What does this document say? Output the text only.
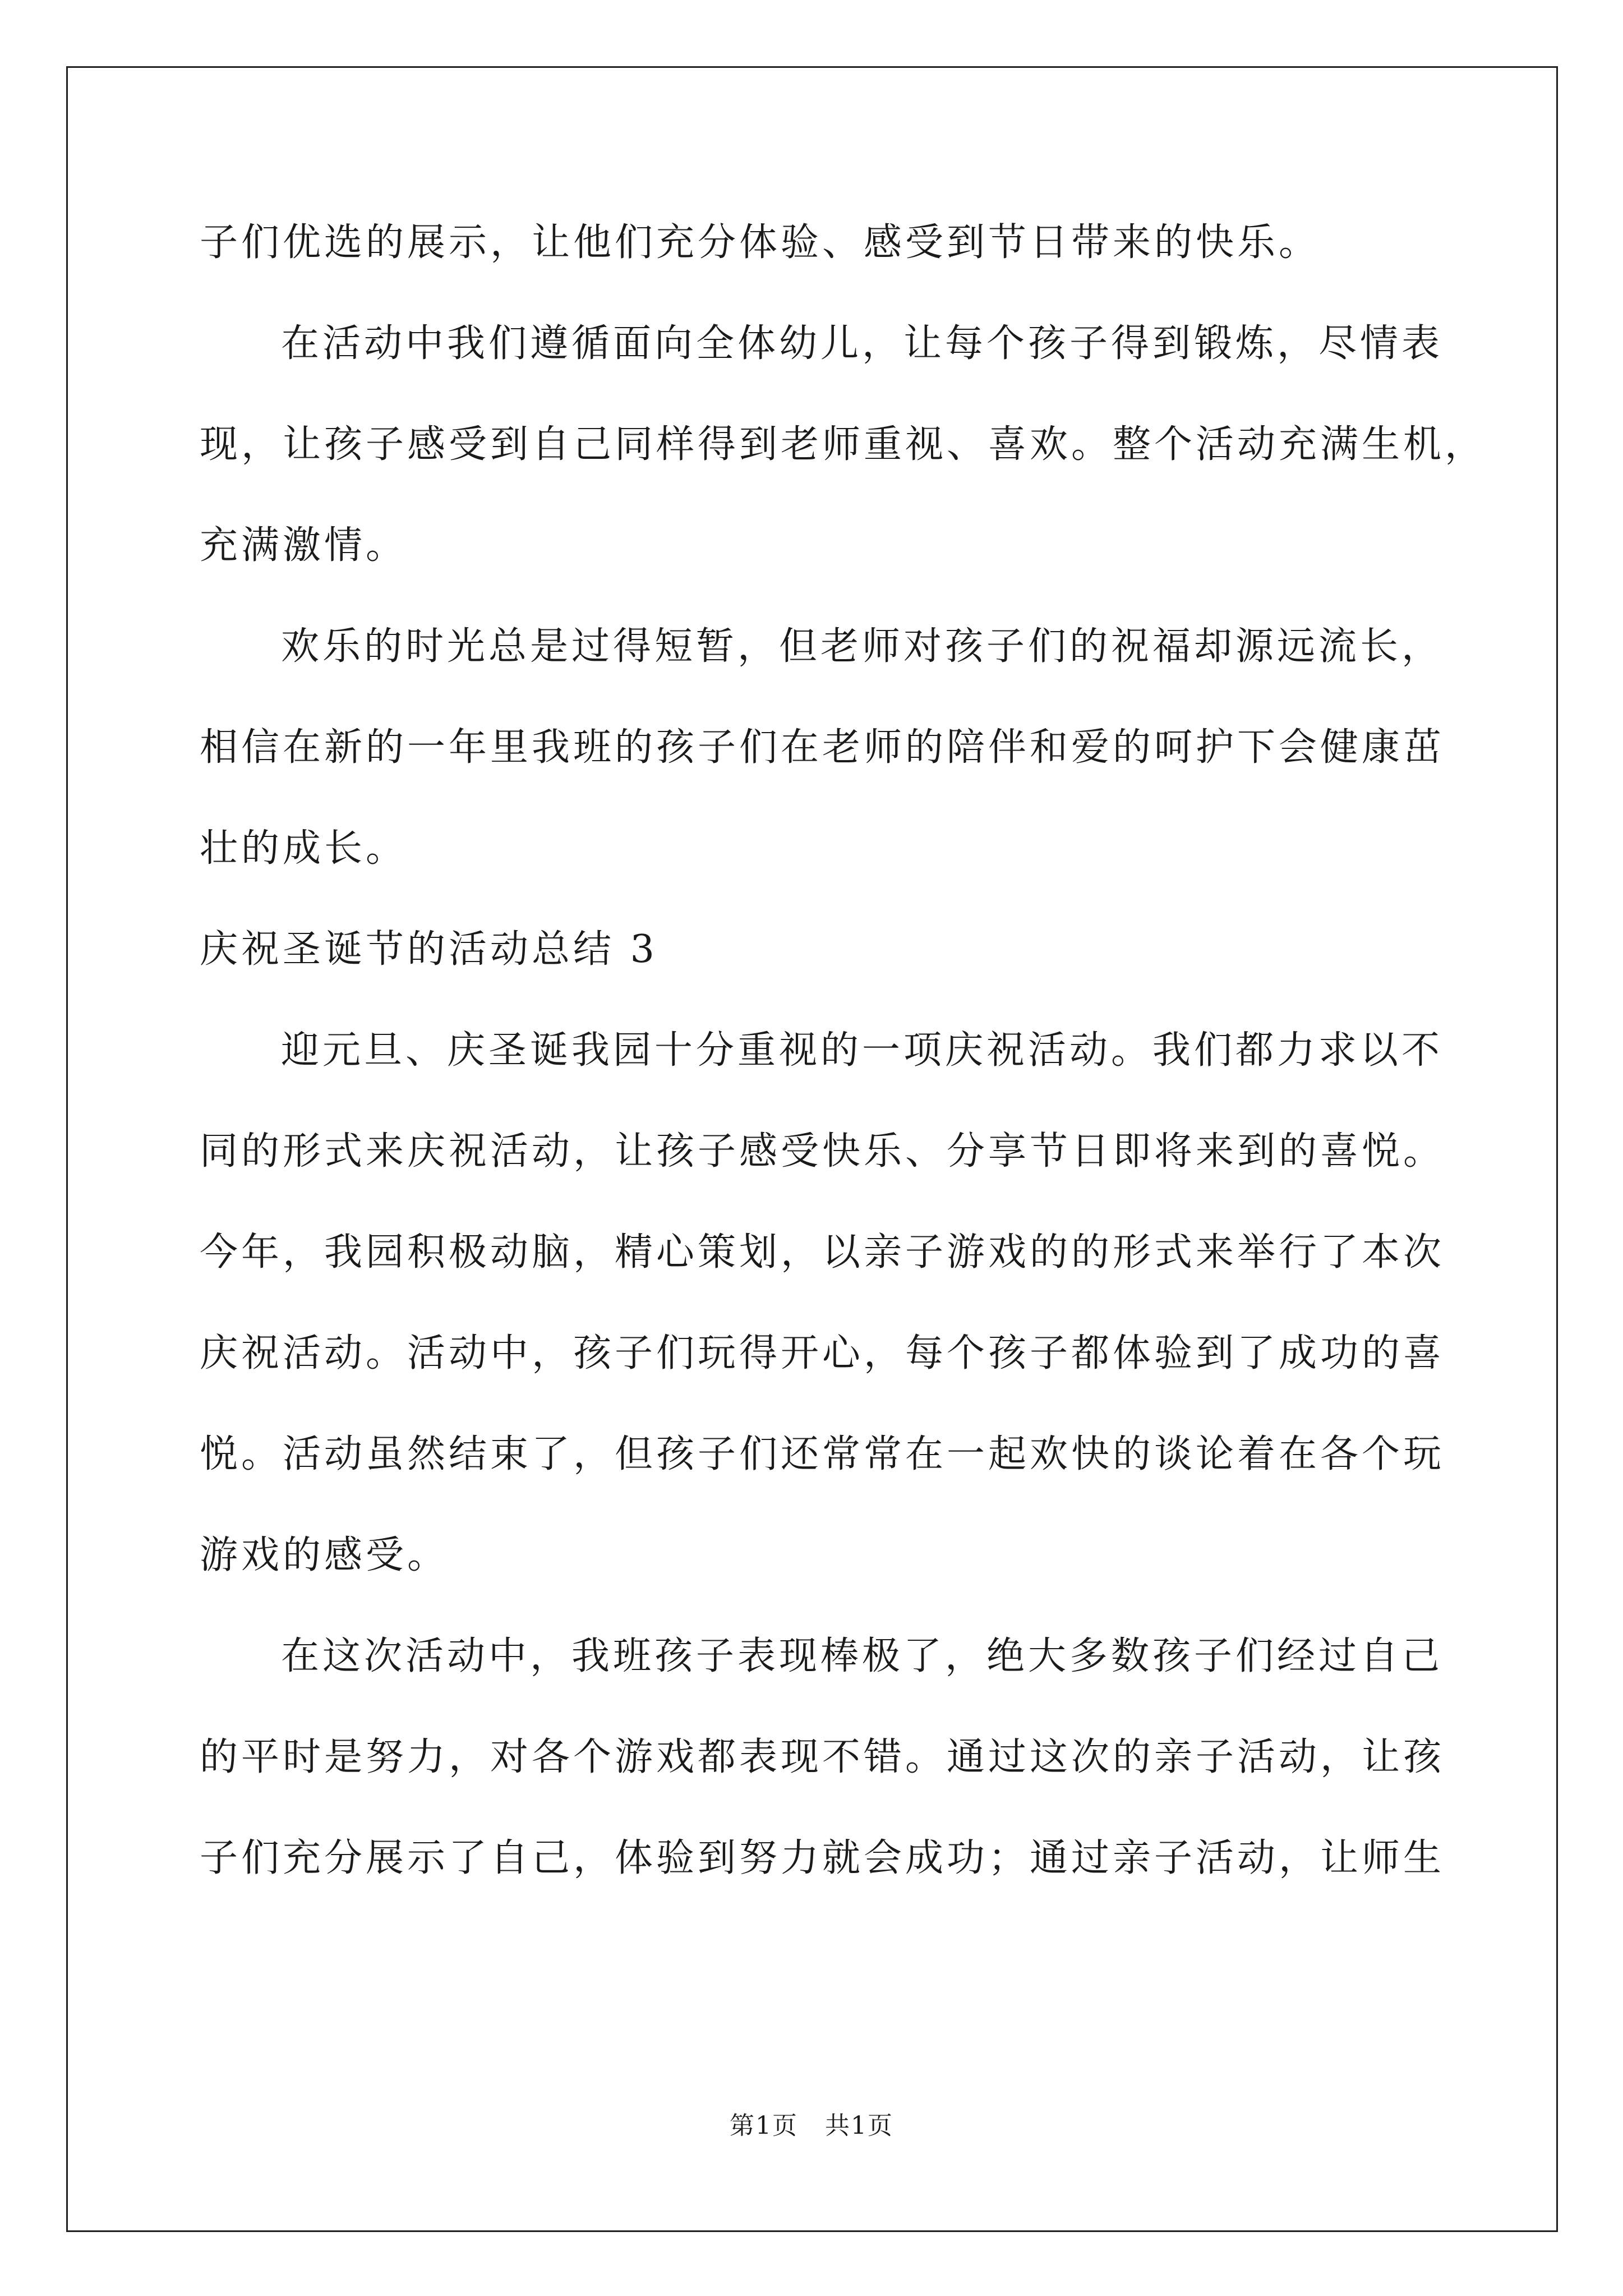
子们优选的展示，让他们充分体验、感受到节日带来的快乐。
在活动中我们遵循面向全体幼儿，让每个孩子得到锻炼，尽情表
现，让孩子感受到自己同样得到老师重视、喜欢。整个活动充满生机，
充满激情。
欢乐的时光总是过得短暂，但老师对孩子们的祝福却源远流长，
相信在新的一年里我班的孩子们在老师的陪伴和爱的呵护下会健康茁
壮的成长。
庆祝圣诞节的活动总结 3
迎元旦、庆圣诞我园十分重视的一项庆祝活动。我们都力求以不
同的形式来庆祝活动，让孩子感受快乐、分享节日即将来到的喜悦。
今年，我园积极动脑，精心策划，以亲子游戏的的形式来举行了本次
庆祝活动。活动中，孩子们玩得开心，每个孩子都体验到了成功的喜
悦。活动虽然结束了，但孩子们还常常在一起欢快的谈论着在各个玩
游戏的感受。
在这次活动中，我班孩子表现棒极了，绝大多数孩子们经过自己
的平时是努力，对各个游戏都表现不错。通过这次的亲子活动，让孩
子们充分展示了自己，体验到努力就会成功；通过亲子活动，让师生
第1页 共1页
